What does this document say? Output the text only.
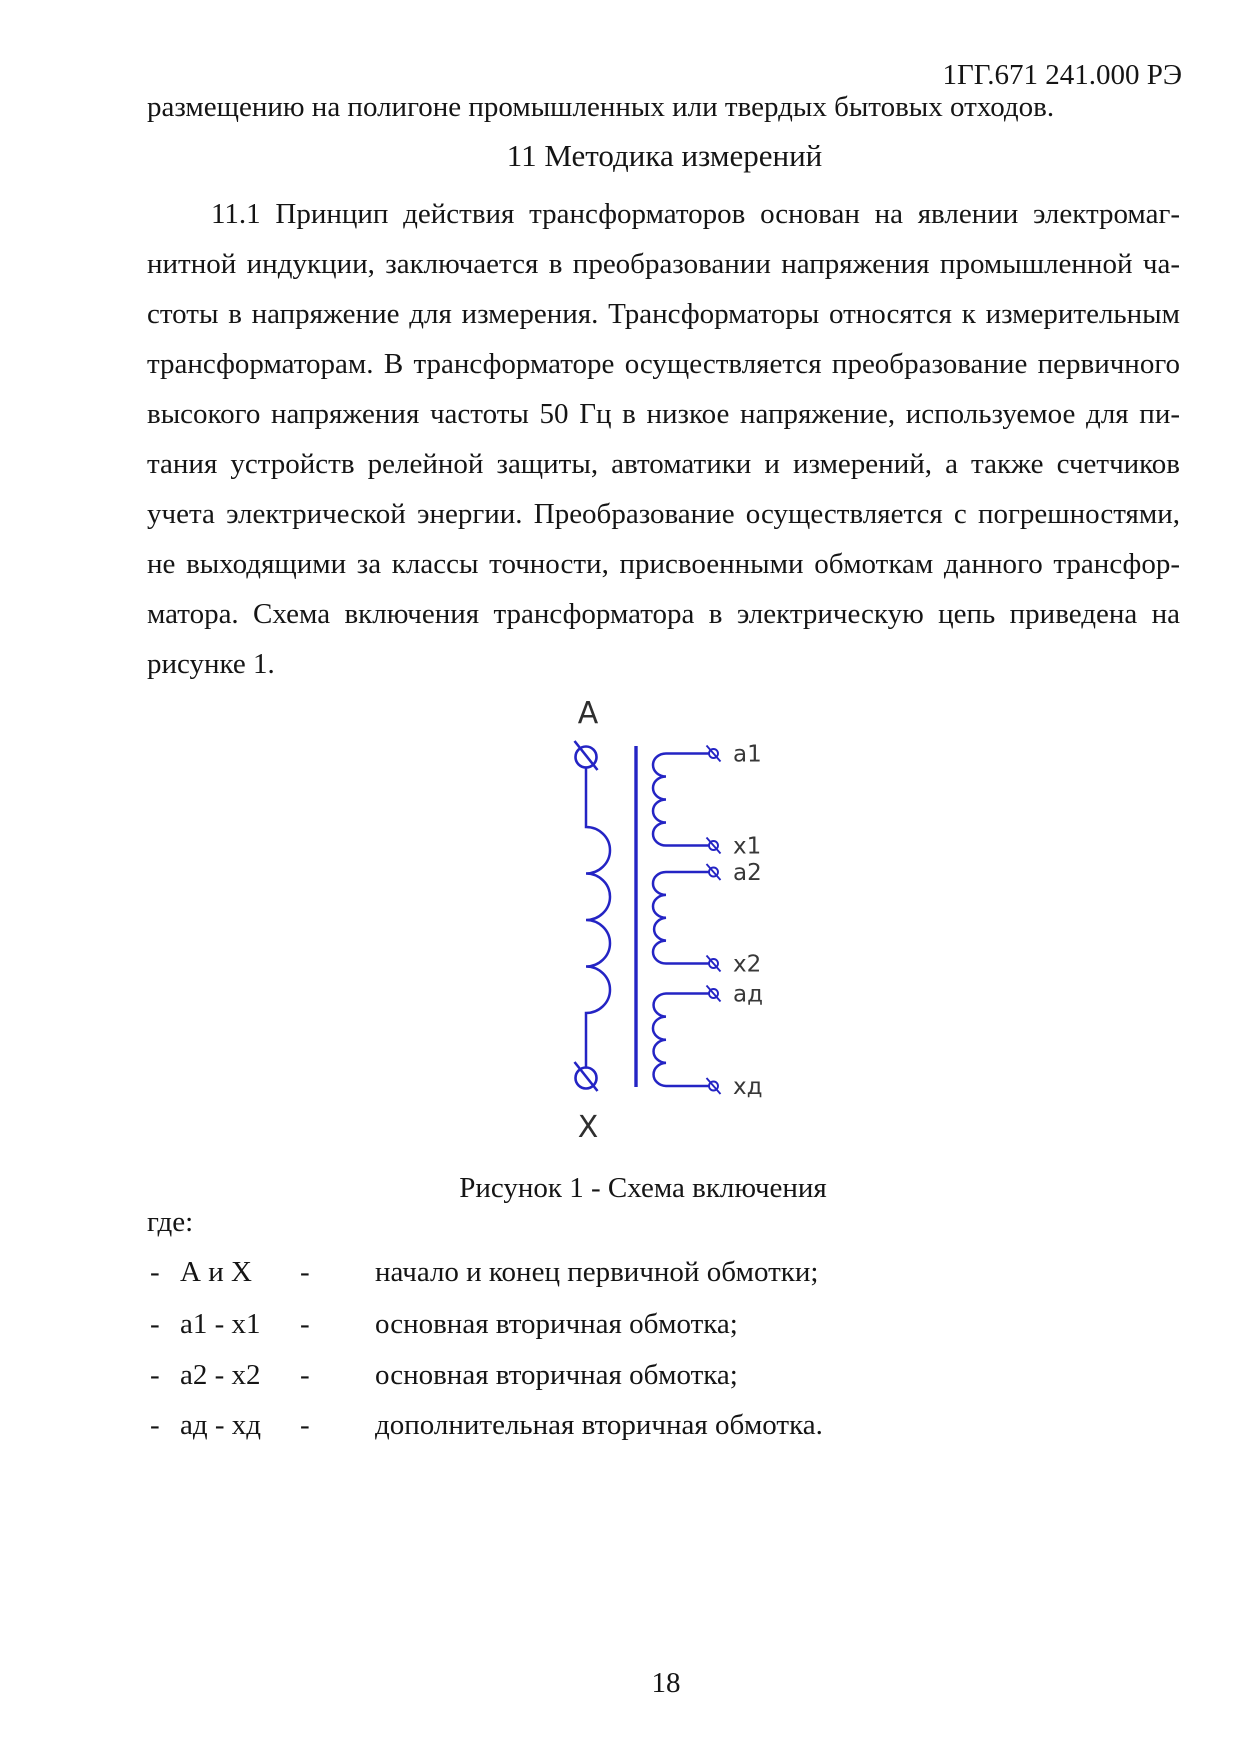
1ГГ.671 241.000 РЭ
размещению на полигоне промышленных или твердых бытовых отходов.
11 Методика измерений
11.1 Принцип действия трансформаторов основан на явлении электромаг-
нитной индукции, заключается в преобразовании напряжения промышленной ча-
стоты в напряжение для измерения. Трансформаторы относятся к измерительным
трансформаторам. В трансформаторе осуществляется преобразование первичного
высокого напряжения частоты 50 Гц в низкое напряжение, используемое для пи-
тания устройств релейной защиты, автоматики и измерений, а также счетчиков
учета электрической энергии. Преобразование осуществляется с погрешностями,
не выходящими за классы точности, присвоенными обмоткам данного трансфор-
матора. Схема включения трансформатора в электрическую цепь приведена на
рисунке 1.
A
X
a1
x1
a2
x2
ад
хд
Рисунок 1 - Схема включения
где:
- А и Х - начало и конец первичной обмотки;
- a1 - x1 - основная вторичная обмотка;
- a2 - x2 - основная вторичная обмотка;
- ад - хд - дополнительная вторичная обмотка.
18
